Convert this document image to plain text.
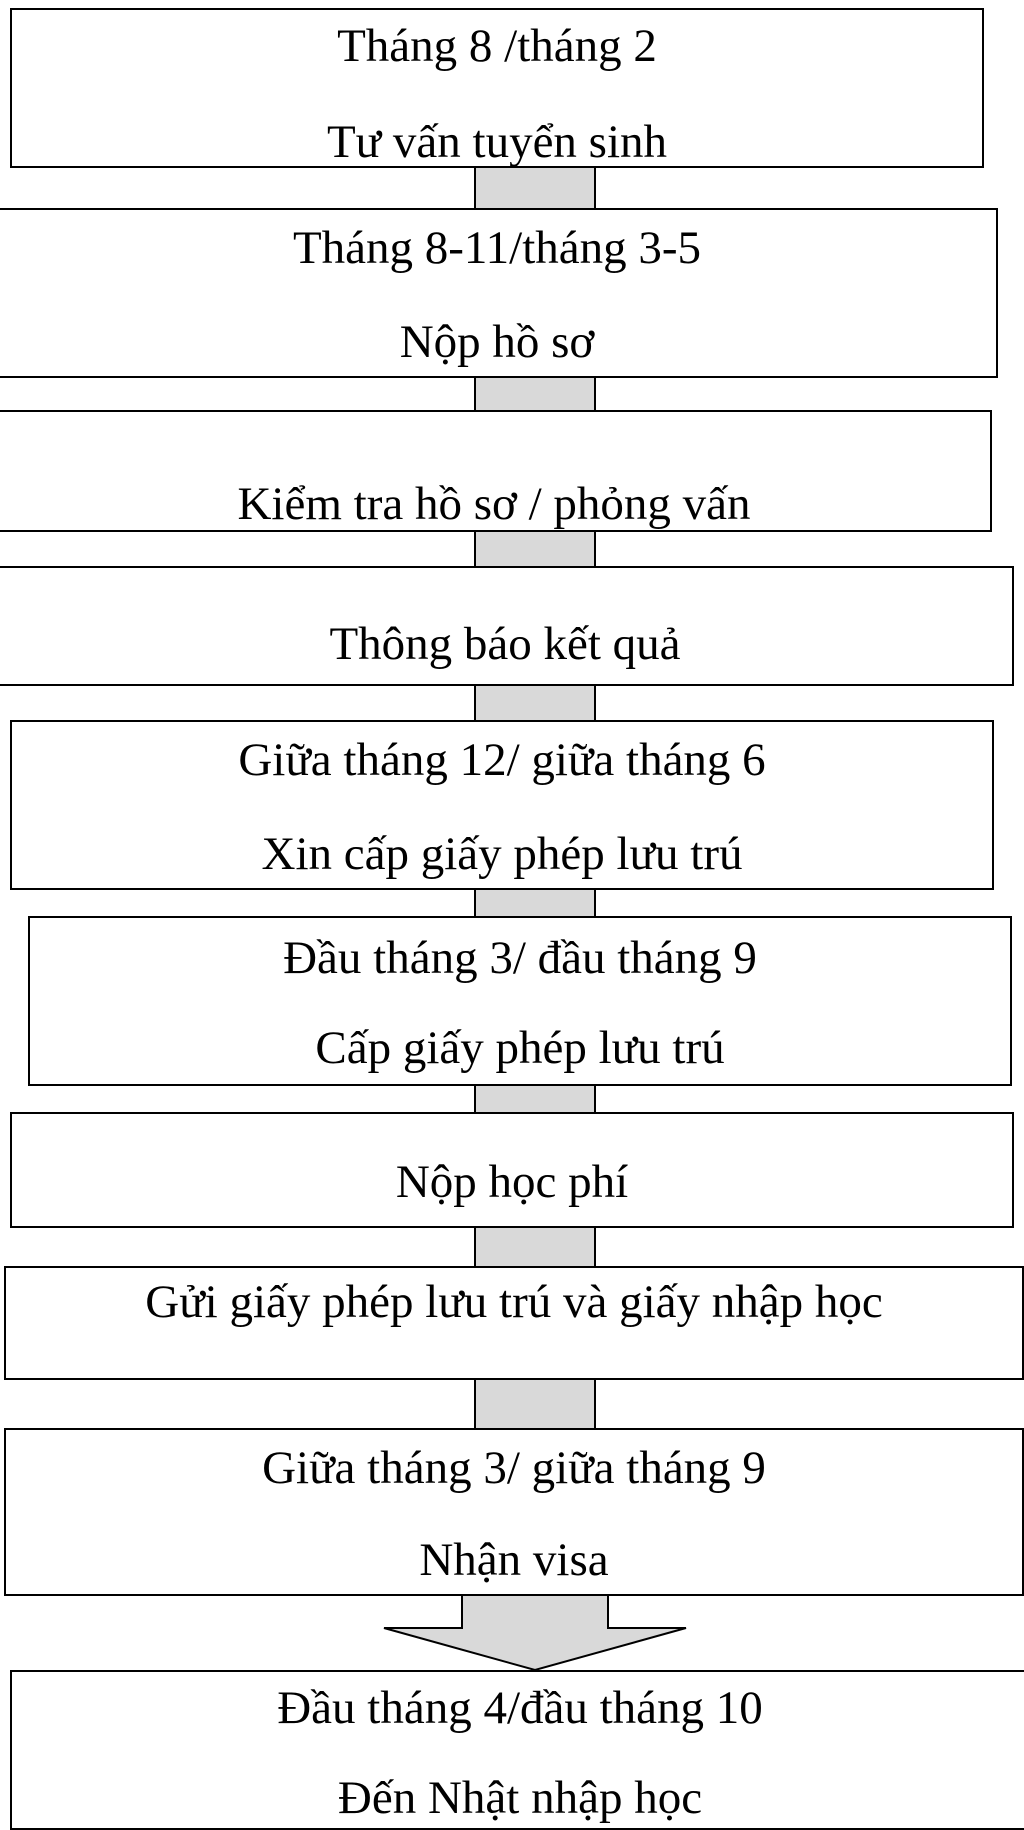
Tháng 8 /tháng 2
Tư vấn tuyển sinh
Tháng 8-11/tháng 3-5
Nộp hồ sơ
Kiểm tra hồ sơ / phỏng vấn
Thông báo kết quả
Giữa tháng 12/ giữa tháng 6
Xin cấp giấy phép lưu trú
Đầu tháng 3/ đầu tháng 9
Cấp giấy phép lưu trú
Nộp học phí
Gửi giấy phép lưu trú và giấy nhập học
Giữa tháng 3/ giữa tháng 9
Nhận visa
Đầu tháng 4/đầu tháng 10
Đến Nhật nhập học
